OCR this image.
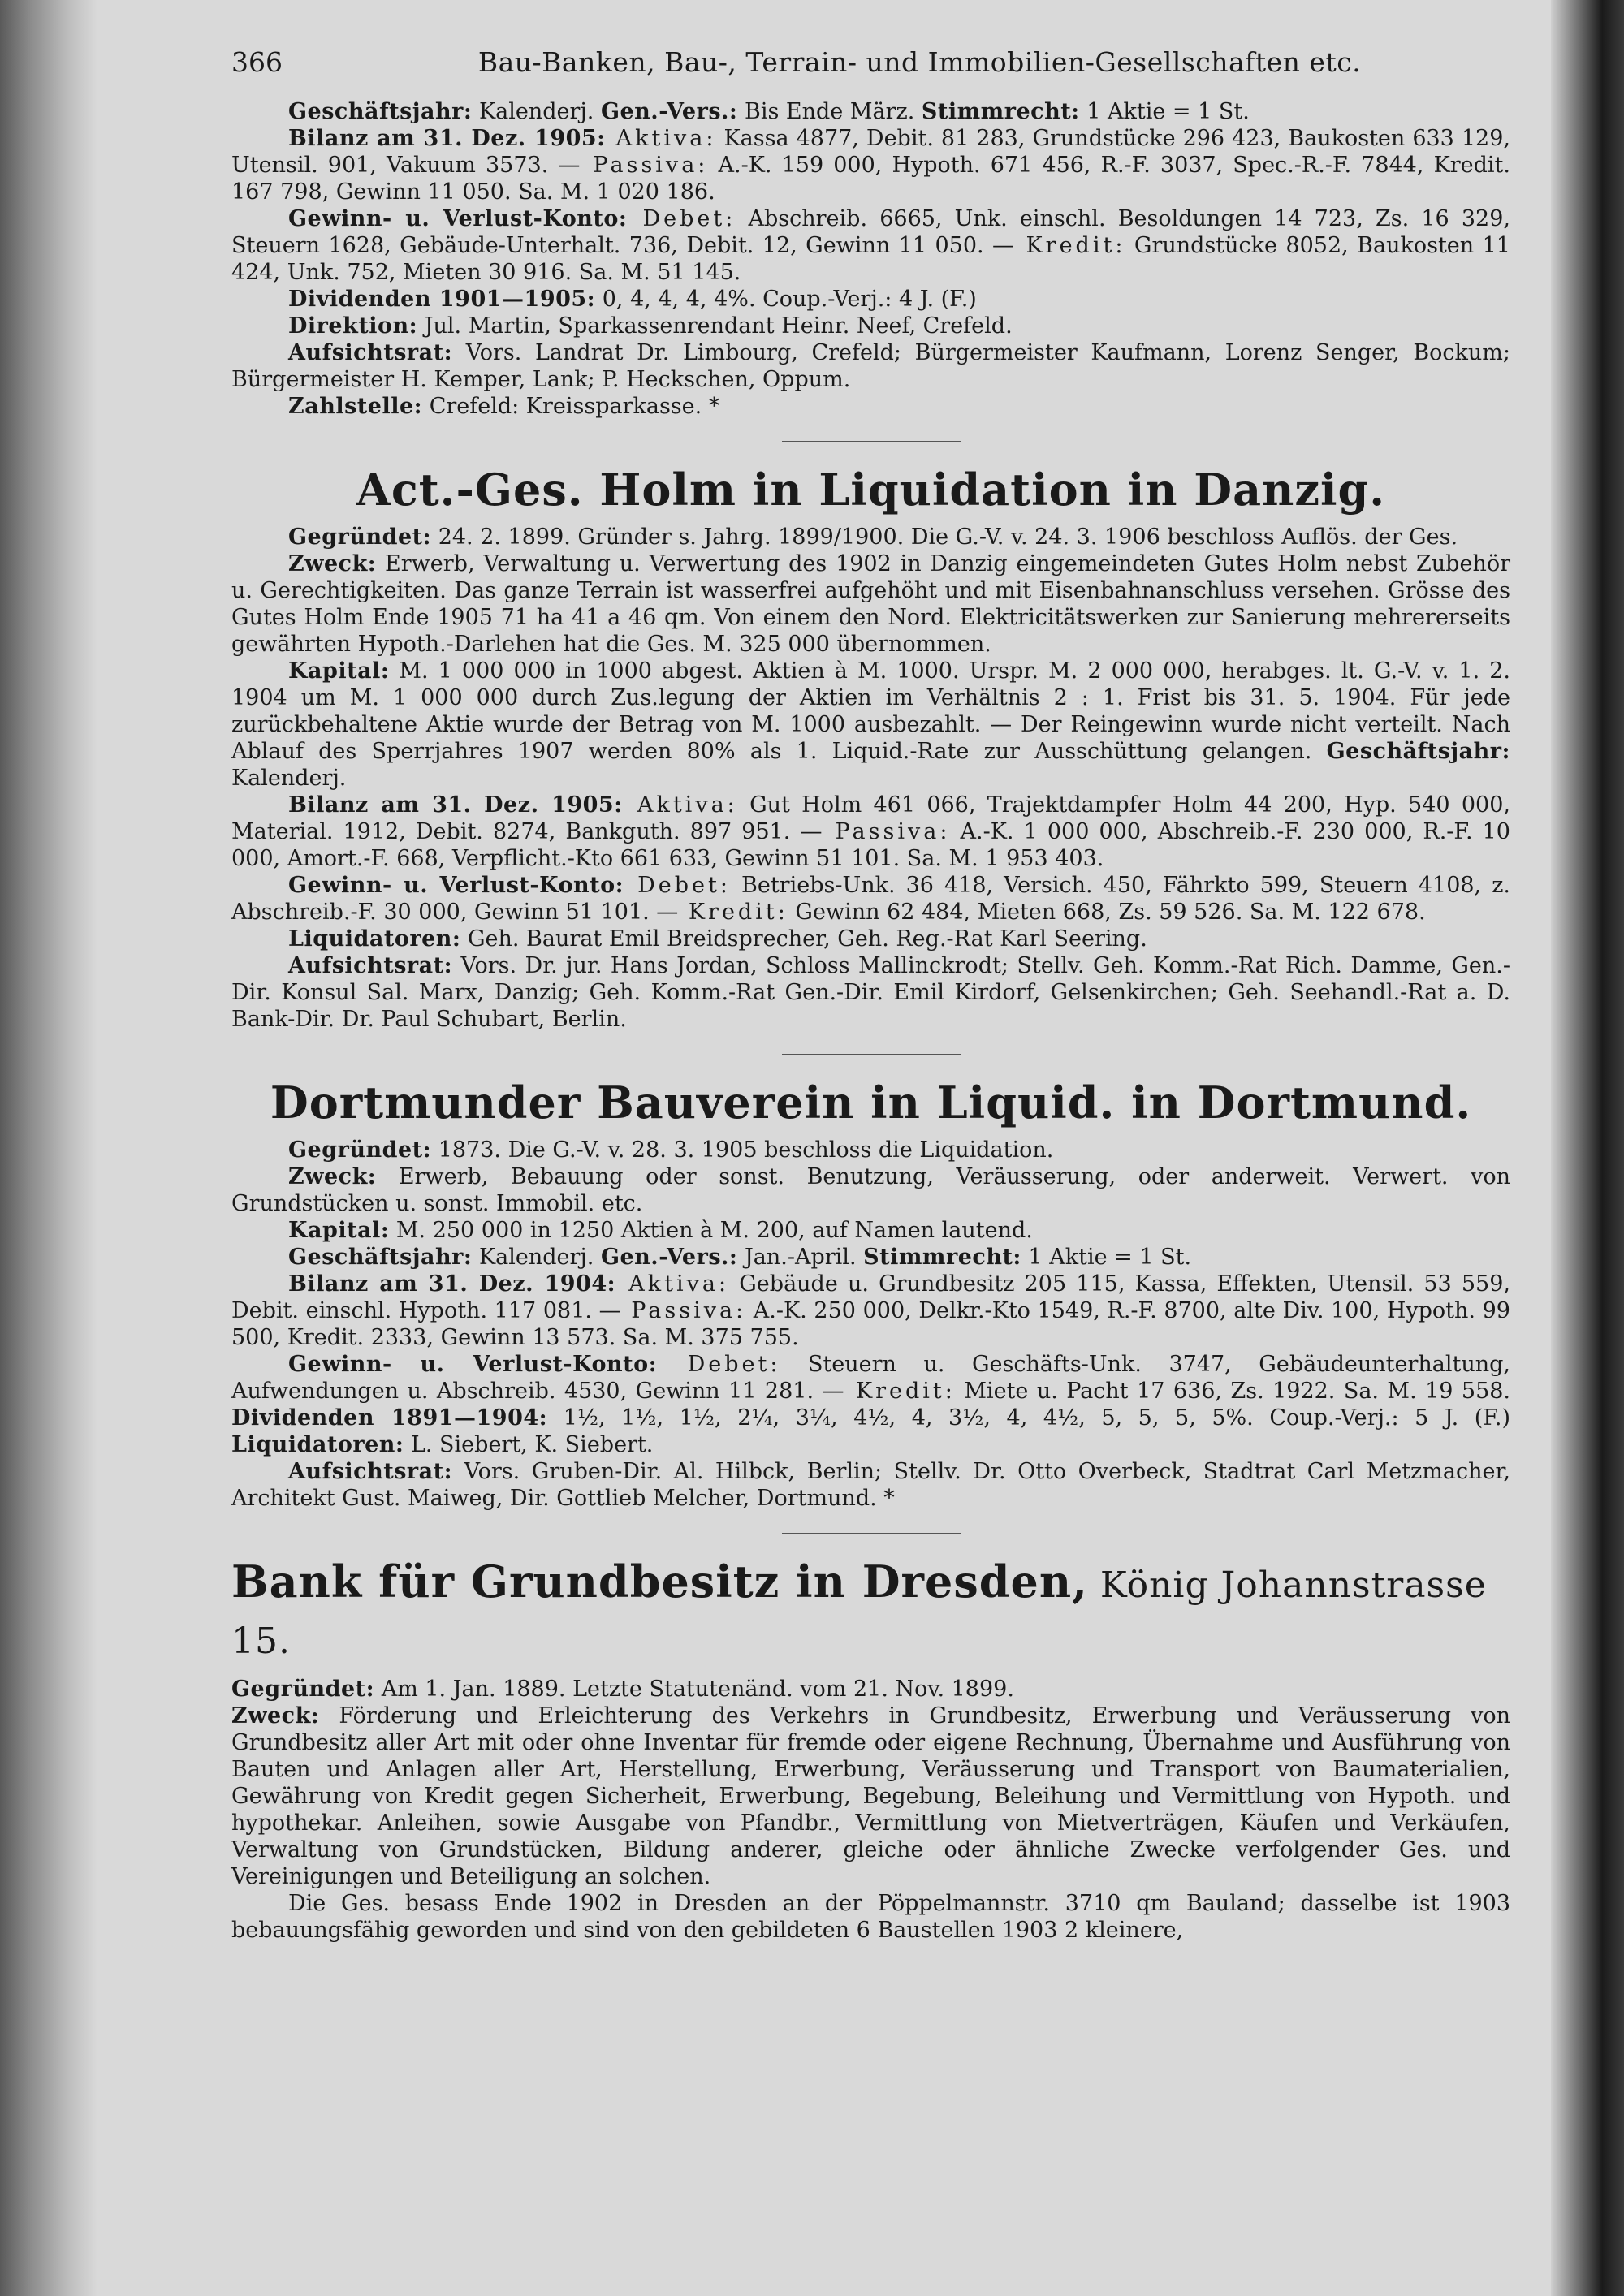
366	Bau-Banken, Bau-, Terrain- und Immobilien-Gesellschaften etc.

Geschäftsjahr: Kalenderj. Gen.-Vers.: Bis Ende März. Stimmrecht: 1 Aktie = 1 St.

Bilanz am 31. Dez. 1905: Aktiva: Kassa 4877, Debit. 81 283, Grundstücke 296 423, Baukosten 633 129, Utensil. 901, Vakuum 3573. — Passiva: A.-K. 159 000, Hypoth. 671 456, R.-F. 3037, Spec.-R.-F. 7844, Kredit. 167 798, Gewinn 11 050. Sa. M. 1 020 186.

Gewinn- u. Verlust-Konto: Debet: Abschreib. 6665, Unk. einschl. Besoldungen 14 723, Zs. 16 329, Steuern 1628, Gebäude-Unterhalt. 736, Debit. 12, Gewinn 11 050. — Kredit: Grundstücke 8052, Baukosten 11 424, Unk. 752, Mieten 30 916. Sa. M. 51 145.

Dividenden 1901—1905: 0, 4, 4, 4, 4%. Coup.-Verj.: 4 J. (F.)

Direktion: Jul. Martin, Sparkassenrendant Heinr. Neef, Crefeld.

Aufsichtsrat: Vors. Landrat Dr. Limbourg, Crefeld; Bürgermeister Kaufmann, Lorenz Senger, Bockum; Bürgermeister H. Kemper, Lank; P. Heckschen, Oppum.

Zahlstelle: Crefeld: Kreissparkasse. *

Act.-Ges. Holm in Liquidation in Danzig.

Gegründet: 24. 2. 1899. Gründer s. Jahrg. 1899/1900. Die G.-V. v. 24. 3. 1906 beschloss Auflös. der Ges.

Zweck: Erwerb, Verwaltung u. Verwertung des 1902 in Danzig eingemeindeten Gutes Holm nebst Zubehör u. Gerechtigkeiten. Das ganze Terrain ist wasserfrei aufgehöht und mit Eisenbahnanschluss versehen. Grösse des Gutes Holm Ende 1905 71 ha 41 a 46 qm. Von einem den Nord. Elektricitätswerken zur Sanierung mehrererseits gewährten Hypoth.-Darlehen hat die Ges. M. 325 000 übernommen.

Kapital: M. 1 000 000 in 1000 abgest. Aktien à M. 1000. Urspr. M. 2 000 000, herabges. lt. G.-V. v. 1. 2. 1904 um M. 1 000 000 durch Zus.legung der Aktien im Verhältnis 2 : 1. Frist bis 31. 5. 1904. Für jede zurückbehaltene Aktie wurde der Betrag von M. 1000 ausbezahlt. — Der Reingewinn wurde nicht verteilt. Nach Ablauf des Sperrjahres 1907 werden 80% als 1. Liquid.-Rate zur Ausschüttung gelangen. Geschäftsjahr: Kalenderj.

Bilanz am 31. Dez. 1905: Aktiva: Gut Holm 461 066, Trajektdampfer Holm 44 200, Hyp. 540 000, Material. 1912, Debit. 8274, Bankguth. 897 951. — Passiva: A.-K. 1 000 000, Abschreib.-F. 230 000, R.-F. 10 000, Amort.-F. 668, Verpflicht.-Kto 661 633, Gewinn 51 101. Sa. M. 1 953 403.

Gewinn- u. Verlust-Konto: Debet: Betriebs-Unk. 36 418, Versich. 450, Fährkto 599, Steuern 4108, z. Abschreib.-F. 30 000, Gewinn 51 101. — Kredit: Gewinn 62 484, Mieten 668, Zs. 59 526. Sa. M. 122 678.

Liquidatoren: Geh. Baurat Emil Breidsprecher, Geh. Reg.-Rat Karl Seering.

Aufsichtsrat: Vors. Dr. jur. Hans Jordan, Schloss Mallinckrodt; Stellv. Geh. Komm.-Rat Rich. Damme, Gen.-Dir. Konsul Sal. Marx, Danzig; Geh. Komm.-Rat Gen.-Dir. Emil Kirdorf, Gelsenkirchen; Geh. Seehandl.-Rat a. D. Bank-Dir. Dr. Paul Schubart, Berlin.

Dortmunder Bauverein in Liquid. in Dortmund.

Gegründet: 1873. Die G.-V. v. 28. 3. 1905 beschloss die Liquidation.

Zweck: Erwerb, Bebauung oder sonst. Benutzung, Veräusserung, oder anderweit. Verwert. von Grundstücken u. sonst. Immobil. etc.

Kapital: M. 250 000 in 1250 Aktien à M. 200, auf Namen lautend.

Geschäftsjahr: Kalenderj. Gen.-Vers.: Jan.-April. Stimmrecht: 1 Aktie = 1 St.

Bilanz am 31. Dez. 1904: Aktiva: Gebäude u. Grundbesitz 205 115, Kassa, Effekten, Utensil. 53 559, Debit. einschl. Hypoth. 117 081. — Passiva: A.-K. 250 000, Delkr.-Kto 1549, R.-F. 8700, alte Div. 100, Hypoth. 99 500, Kredit. 2333, Gewinn 13 573. Sa. M. 375 755.

Gewinn- u. Verlust-Konto: Debet: Steuern u. Geschäfts-Unk. 3747, Gebäudeunterhaltung, Aufwendungen u. Abschreib. 4530, Gewinn 11 281. — Kredit: Miete u. Pacht 17 636, Zs. 1922. Sa. M. 19 558. Dividenden 1891—1904: 1½, 1½, 1½, 2¼, 3¼, 4½, 4, 3½, 4, 4½, 5, 5, 5, 5%. Coup.-Verj.: 5 J. (F.) Liquidatoren: L. Siebert, K. Siebert.

Aufsichtsrat: Vors. Gruben-Dir. Al. Hilbck, Berlin; Stellv. Dr. Otto Overbeck, Stadtrat Carl Metzmacher, Architekt Gust. Maiweg, Dir. Gottlieb Melcher, Dortmund. *

Bank für Grundbesitz in Dresden, König Johannstrasse 15.

Gegründet: Am 1. Jan. 1889. Letzte Statutenänd. vom 21. Nov. 1899.

Zweck: Förderung und Erleichterung des Verkehrs in Grundbesitz, Erwerbung und Veräusserung von Grundbesitz aller Art mit oder ohne Inventar für fremde oder eigene Rechnung, Übernahme und Ausführung von Bauten und Anlagen aller Art, Herstellung, Erwerbung, Veräusserung und Transport von Baumaterialien, Gewährung von Kredit gegen Sicherheit, Erwerbung, Begebung, Beleihung und Vermittlung von Hypoth. und hypothekar. Anleihen, sowie Ausgabe von Pfandbr., Vermittlung von Mietverträgen, Käufen und Verkäufen, Verwaltung von Grundstücken, Bildung anderer, gleiche oder ähnliche Zwecke verfolgender Ges. und Vereinigungen und Beteiligung an solchen.

Die Ges. besass Ende 1902 in Dresden an der Pöppelmannstr. 3710 qm Bauland; dasselbe ist 1903 bebauungsfähig geworden und sind von den gebildeten 6 Baustellen 1903 2 kleinere,
